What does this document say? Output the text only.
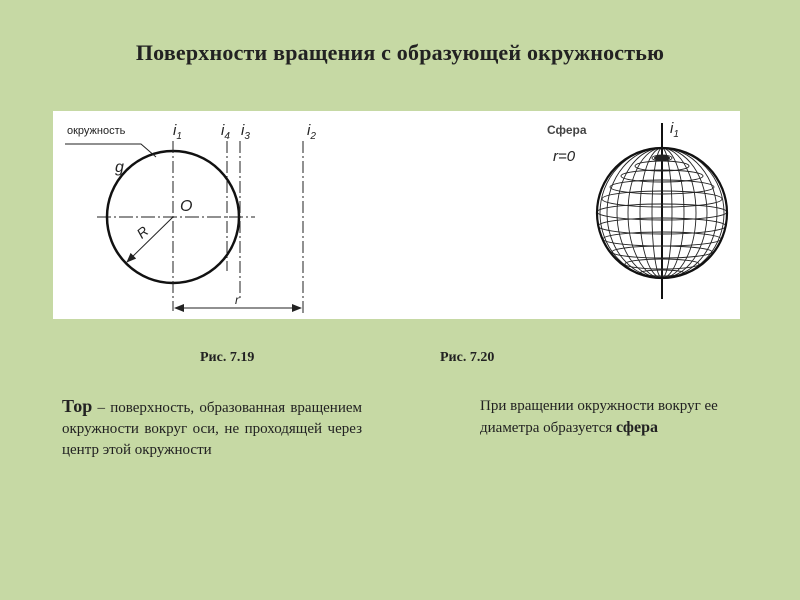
Поверхности вращения с образующей окружностью
окружность
g
O
R
$i_1$	$i_4$ $i_3$	$i_2$
r
Сфера
r=0
$i_1$
Рис. 7.19	Рис. 7.20
Тор – поверхность, образованная вращением окружности вокруг оси, не проходящей через центр этой окружности
При вращении окружности вокруг ее диаметра образуется сфера
